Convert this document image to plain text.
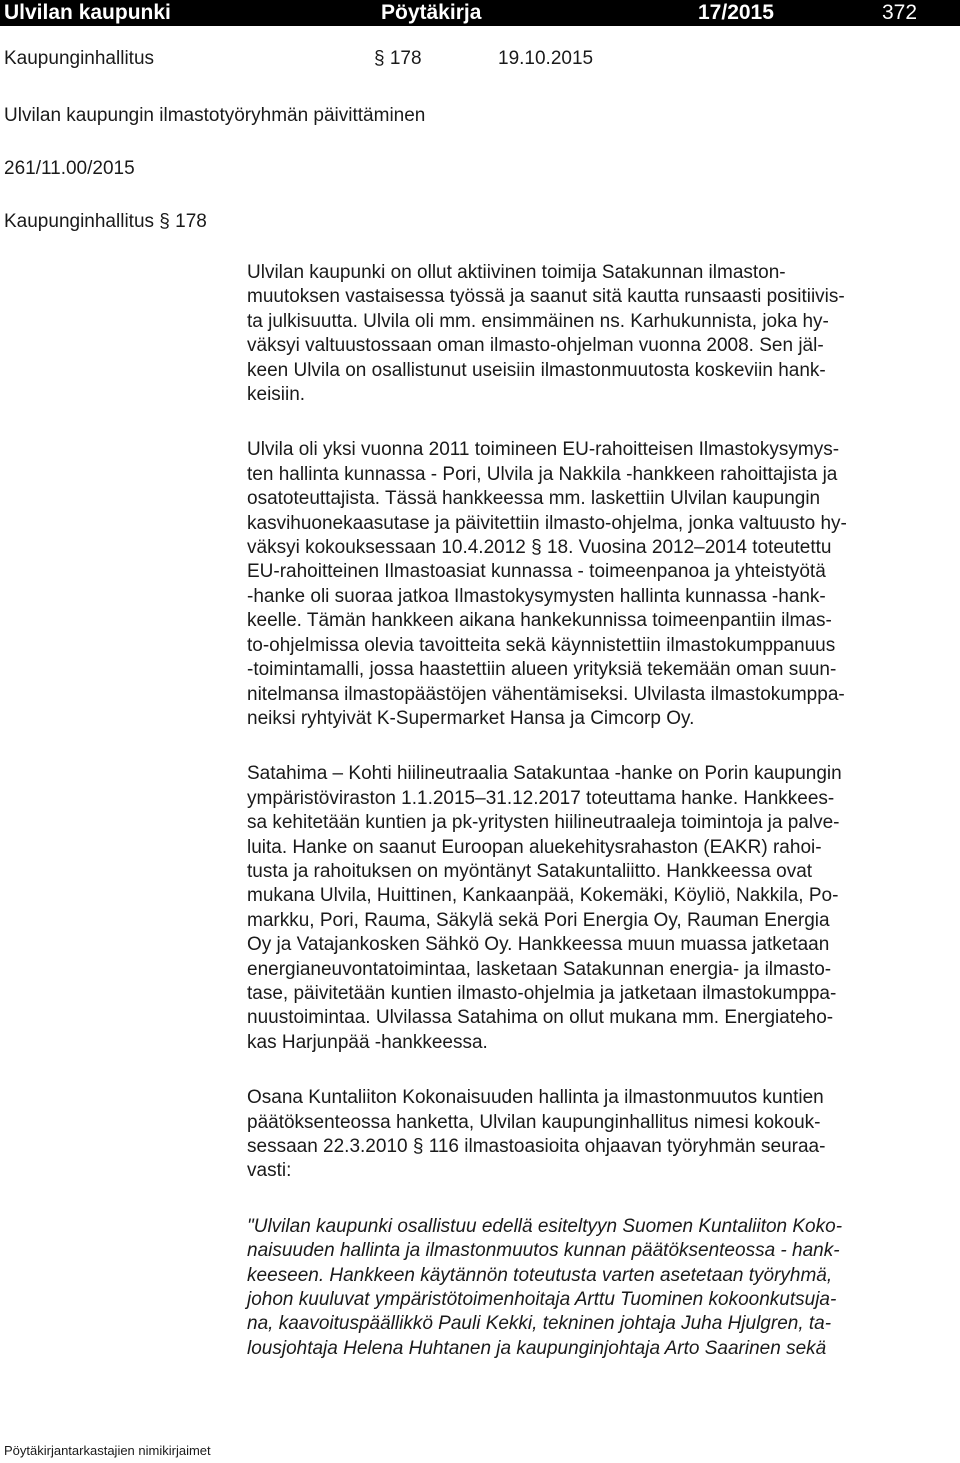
Ulvilan kaupunki	Pöytäkirja	17/2015	372
Kaupunginhallitus	§ 178	19.10.2015
Ulvilan kaupungin ilmastotyöryhmän päivittäminen
261/11.00/2015
Kaupunginhallitus § 178

Ulvilan kaupunki on ollut aktiivinen toimija Satakunnan ilmaston-
muutoksen vastaisessa työssä ja saanut sitä kautta runsaasti positiivis-
ta julkisuutta. Ulvila oli mm. ensimmäinen ns. Karhukunnista, joka hy-
väksyi valtuustossaan oman ilmasto-ohjelman vuonna 2008. Sen jäl-
keen Ulvila on osallistunut useisiin ilmastonmuutosta koskeviin hank-
keisiin.

Ulvila oli yksi vuonna 2011 toimineen EU-rahoitteisen Ilmastokysymys-
ten hallinta kunnassa - Pori, Ulvila ja Nakkila -hankkeen rahoittajista ja
osatoteuttajista. Tässä hankkeessa mm. laskettiin Ulvilan kaupungin
kasvihuonekaasutase ja päivitettiin ilmasto-ohjelma, jonka valtuusto hy-
väksyi kokouksessaan 10.4.2012 § 18. Vuosina 2012–2014 toteutettu
EU-rahoitteinen Ilmastoasiat kunnassa - toimeenpanoa ja yhteistyötä
-hanke oli suoraa jatkoa Ilmastokysymysten hallinta kunnassa -hank-
keelle. Tämän hankkeen aikana hankekunnissa toimeenpantiin ilmas-
to-ohjelmissa olevia tavoitteita sekä käynnistettiin ilmastokumppanuus
-toimintamalli, jossa haastettiin alueen yrityksiä tekemään oman suun-
nitelmansa ilmastopäästöjen vähentämiseksi. Ulvilasta ilmastokumppa-
neiksi ryhtyivät K-Supermarket Hansa ja Cimcorp Oy.

Satahima – Kohti hiilineutraalia Satakuntaa -hanke on Porin kaupungin
ympäristöviraston 1.1.2015–31.12.2017 toteuttama hanke. Hankkees-
sa kehitetään kuntien ja pk-yritysten hiilineutraaleja toimintoja ja palve-
luita. Hanke on saanut Euroopan aluekehitysrahaston (EAKR) rahoi-
tusta ja rahoituksen on myöntänyt Satakuntaliitto. Hankkeessa ovat
mukana Ulvila, Huittinen, Kankaanpää, Kokemäki, Köyliö, Nakkila, Po-
markku, Pori, Rauma, Säkylä sekä Pori Energia Oy, Rauman Energia
Oy ja Vatajankosken Sähkö Oy. Hankkeessa muun muassa jatketaan
energianeuvontatoimintaa, lasketaan Satakunnan energia- ja ilmasto-
tase, päivitetään kuntien ilmasto-ohjelmia ja jatketaan ilmastokumppa-
nuustoimintaa. Ulvilassa Satahima on ollut mukana mm. Energiateho-
kas Harjunpää -hankkeessa.

Osana Kuntaliiton Kokonaisuuden hallinta ja ilmastonmuutos kuntien
päätöksenteossa hanketta, Ulvilan kaupunginhallitus nimesi kokouk-
sessaan 22.3.2010 § 116 ilmastoasioita ohjaavan työryhmän seuraa-
vasti:

"Ulvilan kaupunki osallistuu edellä esiteltyyn Suomen Kuntaliiton Koko-
naisuuden hallinta ja ilmastonmuutos kunnan päätöksenteossa - hank-
keeseen. Hankkeen käytännön toteutusta varten asetetaan työryhmä,
johon kuuluvat ympäristötoimenhoitaja Arttu Tuominen kokoonkutsuja-
na, kaavoituspäällikkö Pauli Kekki, tekninen johtaja Juha Hjulgren, ta-
lousjohtaja Helena Huhtanen ja kaupunginjohtaja Arto Saarinen sekä

Pöytäkirjantarkastajien nimikirjaimet
